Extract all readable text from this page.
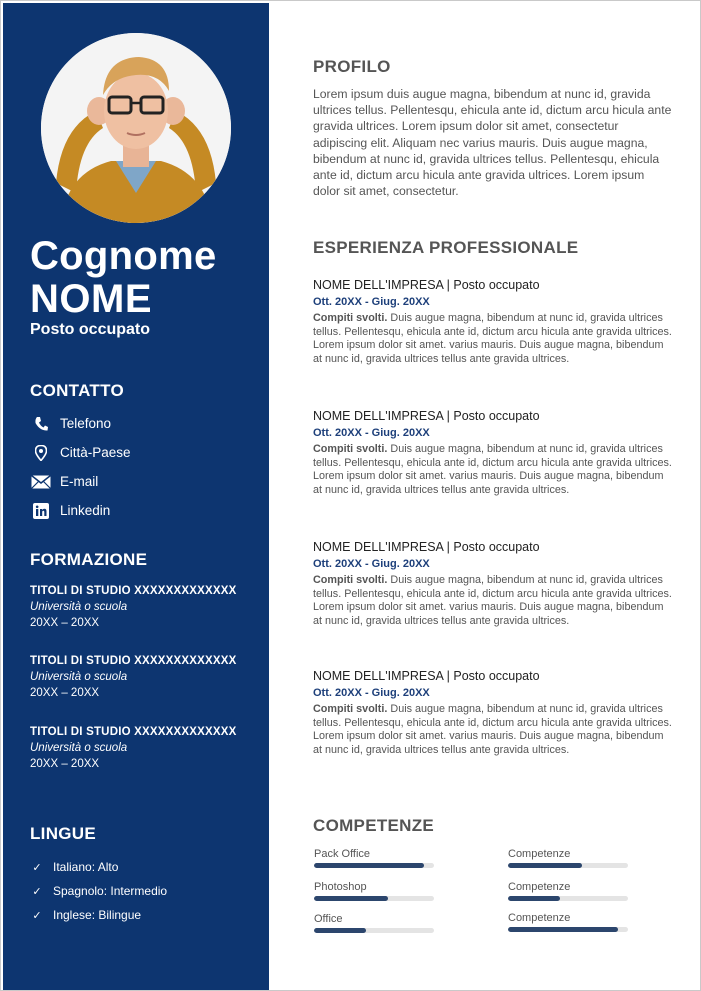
Cognome
NOME
Posto occupato
CONTATTO
Telefono
Città-Paese
E-mail
Linkedin
FORMAZIONE
TITOLI DI STUDIO XXXXXXXXXXXXX
Università o scuola
20XX – 20XX
TITOLI DI STUDIO XXXXXXXXXXXXX
Università o scuola
20XX – 20XX
TITOLI DI STUDIO XXXXXXXXXXXXX
Università o scuola
20XX – 20XX
LINGUE
✓ Italiano: Alto
✓ Spagnolo: Intermedio
✓ Inglese: Bilingue
PROFILO
Lorem ipsum duis augue magna, bibendum at nunc id, gravida ultrices tellus. Pellentesqu, ehicula ante id, dictum arcu hicula ante gravida ultrices. Lorem ipsum dolor sit amet, consectetur adipiscing elit. Aliquam nec varius mauris. Duis augue magna, bibendum at nunc id, gravida ultrices tellus. Pellentesqu, ehicula ante id, dictum arcu hicula ante gravida ultrices. Lorem ipsum dolor sit amet, consectetur.
ESPERIENZA PROFESSIONALE
NOME DELL'IMPRESA | Posto occupato
Ott. 20XX - Giug. 20XX
Compiti svolti. Duis augue magna, bibendum at nunc id, gravida ultrices tellus. Pellentesqu, ehicula ante id, dictum arcu hicula ante gravida ultrices. Lorem ipsum dolor sit amet. varius mauris. Duis augue magna, bibendum at nunc id, gravida ultrices tellus ante gravida ultrices.
NOME DELL'IMPRESA | Posto occupato
Ott. 20XX - Giug. 20XX
Compiti svolti. Duis augue magna, bibendum at nunc id, gravida ultrices tellus. Pellentesqu, ehicula ante id, dictum arcu hicula ante gravida ultrices. Lorem ipsum dolor sit amet. varius mauris. Duis augue magna, bibendum at nunc id, gravida ultrices tellus ante gravida ultrices.
NOME DELL'IMPRESA | Posto occupato
Ott. 20XX - Giug. 20XX
Compiti svolti. Duis augue magna, bibendum at nunc id, gravida ultrices tellus. Pellentesqu, ehicula ante id, dictum arcu hicula ante gravida ultrices. Lorem ipsum dolor sit amet. varius mauris. Duis augue magna, bibendum at nunc id, gravida ultrices tellus ante gravida ultrices.
NOME DELL'IMPRESA | Posto occupato
Ott. 20XX - Giug. 20XX
Compiti svolti. Duis augue magna, bibendum at nunc id, gravida ultrices tellus. Pellentesqu, ehicula ante id, dictum arcu hicula ante gravida ultrices. Lorem ipsum dolor sit amet. varius mauris. Duis augue magna, bibendum at nunc id, gravida ultrices tellus ante gravida ultrices.
COMPETENZE
Pack Office	Competenze
Photoshop	Competenze
Office	Competenze
